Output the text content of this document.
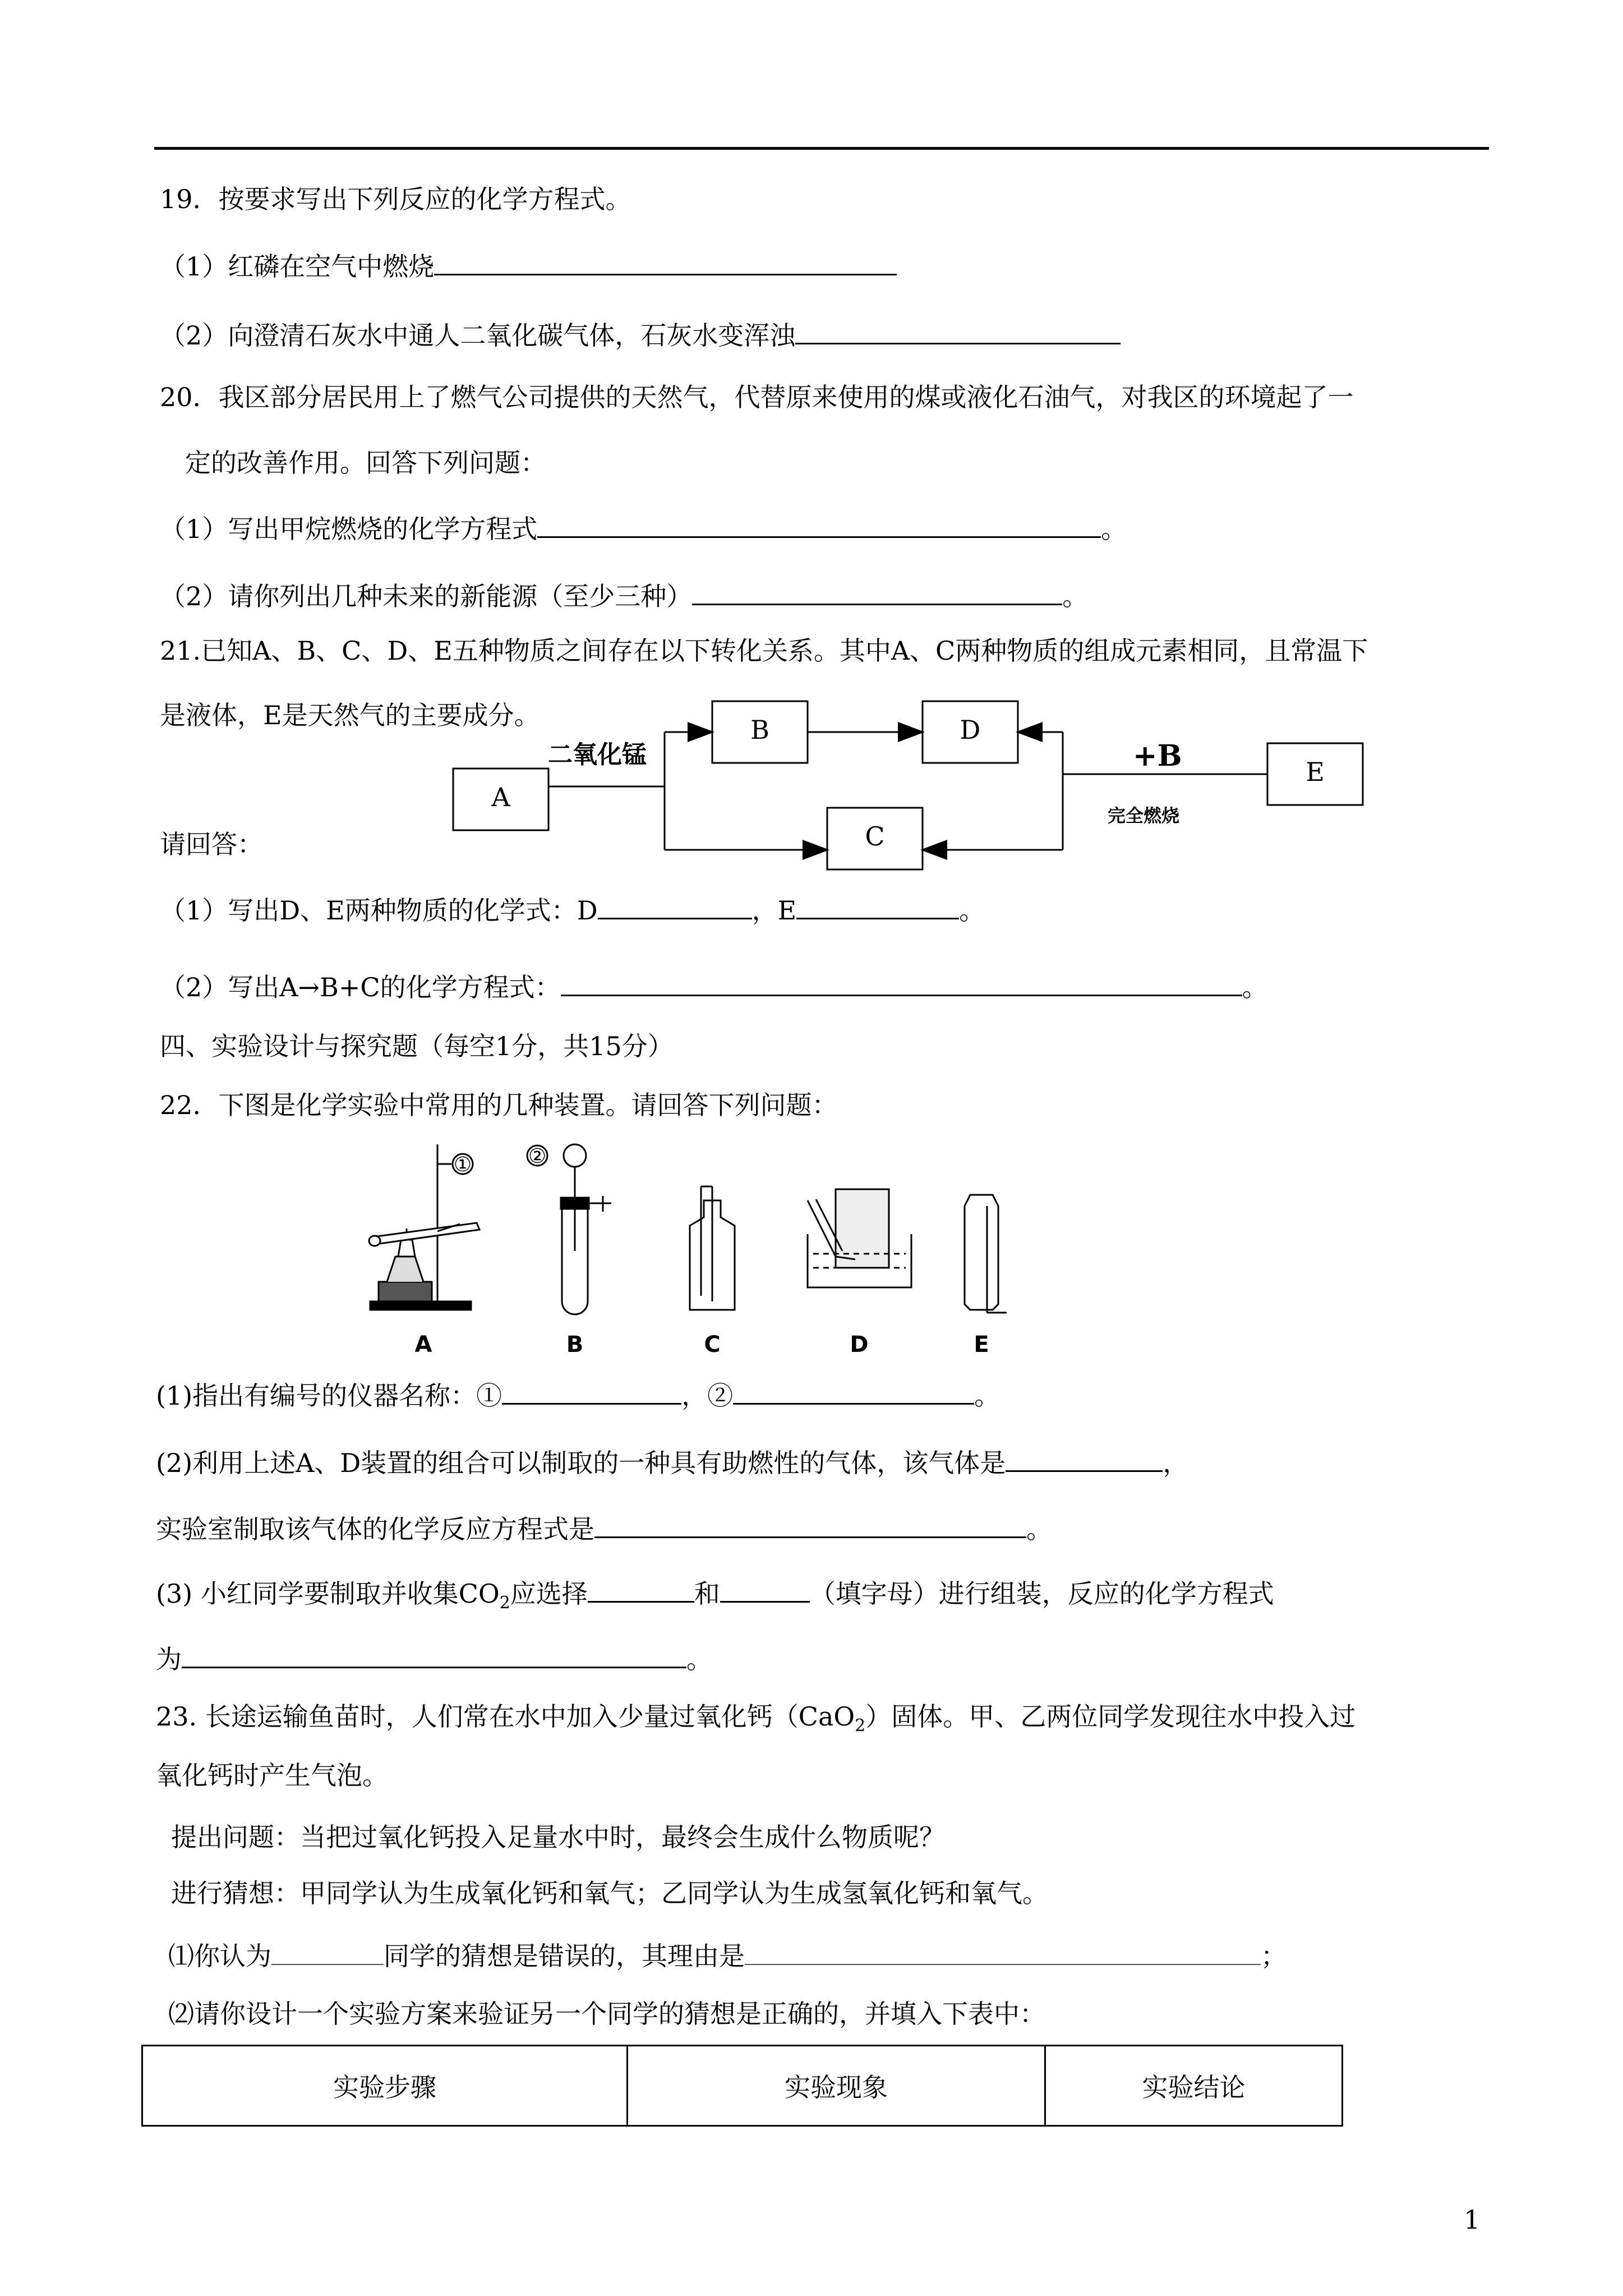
19．按要求写出下列反应的化学方程式。
（1）红磷在空气中燃烧
（2）向澄清石灰水中通人二氧化碳气体，石灰水变浑浊
20．我区部分居民用上了燃气公司提供的天然气，代替原来使用的煤或液化石油气，对我区的环境起了一
定的改善作用。回答下列问题：
（1）写出甲烷燃烧的化学方程式	。
（2）请你列出几种未来的新能源（至少三种）	。
21.已知A、B、C、D、E五种物质之间存在以下转化关系。其中A、C两种物质的组成元素相同，且常温下
是液体，E是天然气的主要成分。
请回答：
A
B	D
C
E
二氧化锰	+B
完全燃烧
（1）写出D、E两种物质的化学式：D	，E	。
（2）写出A→B+C的化学方程式：	。
四、实验设计与探究题（每空1分，共15分）
22．下图是化学实验中常用的几种装置。请回答下列问题：
②
①
A	B	C	D	E
(1)指出有编号的仪器名称：①	，②	。
(2)利用上述A、D装置的组合可以制取的一种具有助燃性的气体，该气体是	，
实验室制取该气体的化学反应方程式是	。
(3) 小红同学要制取并收集$CO_2$应选择	和	（填字母）进行组装，反应的化学方程式
为	。
23. 长途运输鱼苗时，人们常在水中加入少量过氧化钙（CaO$_2$）固体。甲、乙两位同学发现往水中投入过
氧化钙时产生气泡。
提出问题：当把过氧化钙投入足量水中时，最终会生成什么物质呢？
进行猜想：甲同学认为生成氧化钙和氧气；乙同学认为生成氢氧化钙和氧气。
⑴你认为	同学的猜想是错误的，其理由是	；
⑵请你设计一个实验方案来验证另一个同学的猜想是正确的，并填入下表中：
实验步骤	实验现象	实验结论
1
